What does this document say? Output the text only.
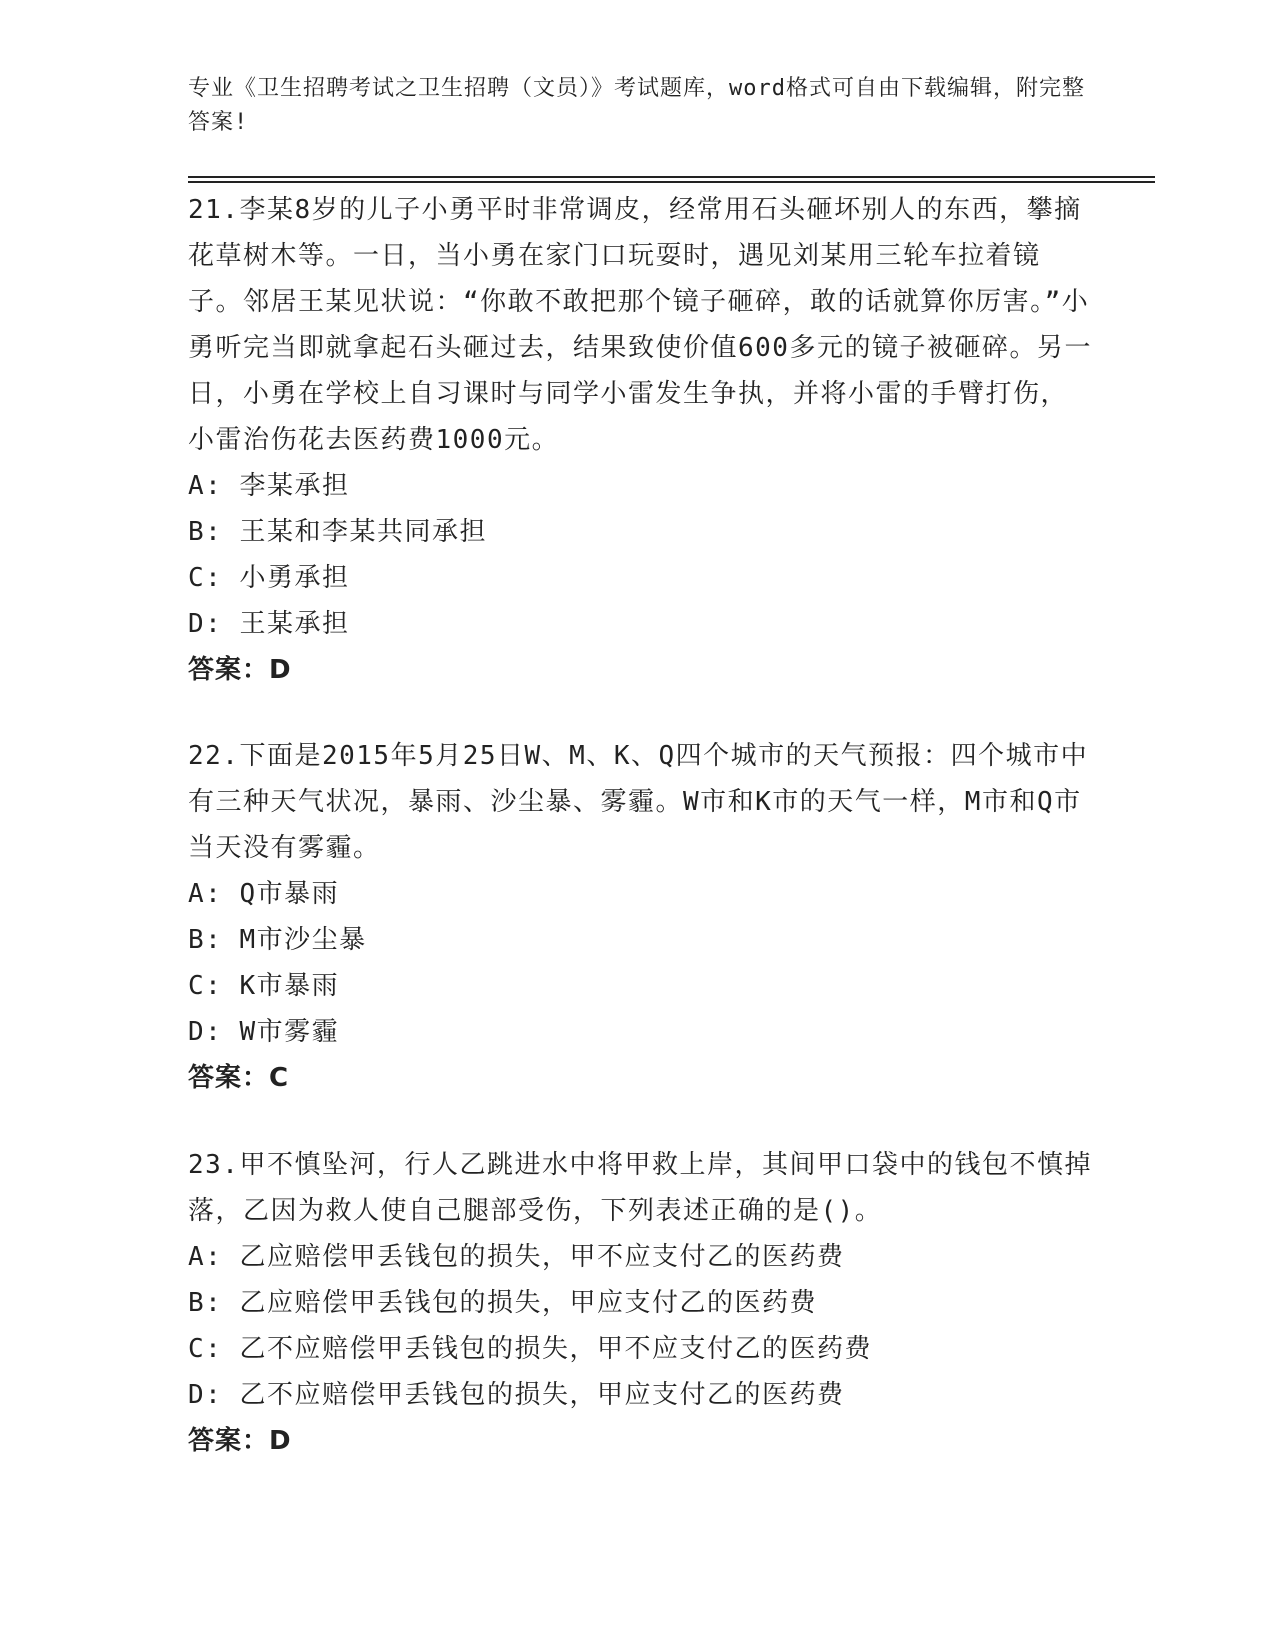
专业《卫生招聘考试之卫生招聘（文员）》考试题库，word格式可自由下载编辑，附完整答案!

21.李某8岁的儿子小勇平时非常调皮，经常用石头砸坏别人的东西，攀摘花草树木等。一日，当小勇在家门口玩耍时，遇见刘某用三轮车拉着镜子。邻居王某见状说：“你敢不敢把那个镜子砸碎，敢的话就算你厉害。”小勇听完当即就拿起石头砸过去，结果致使价值600多元的镜子被砸碎。另一日，小勇在学校上自习课时与同学小雷发生争执，并将小雷的手臂打伤，小雷治伤花去医药费1000元。

A: 李某承担

B: 王某和李某共同承担

C: 小勇承担

D: 王某承担

答案：D

22.下面是2015年5月25日W、M、K、Q四个城市的天气预报：四个城市中有三种天气状况，暴雨、沙尘暴、雾霾。W市和K市的天气一样，M市和Q市当天没有雾霾。

A: Q市暴雨

B: M市沙尘暴

C: K市暴雨

D: W市雾霾

答案：C

23.甲不慎坠河，行人乙跳进水中将甲救上岸，其间甲口袋中的钱包不慎掉落，乙因为救人使自己腿部受伤，下列表述正确的是()。

A: 乙应赔偿甲丢钱包的损失，甲不应支付乙的医药费

B: 乙应赔偿甲丢钱包的损失，甲应支付乙的医药费

C: 乙不应赔偿甲丢钱包的损失，甲不应支付乙的医药费

D: 乙不应赔偿甲丢钱包的损失，甲应支付乙的医药费

答案：D
